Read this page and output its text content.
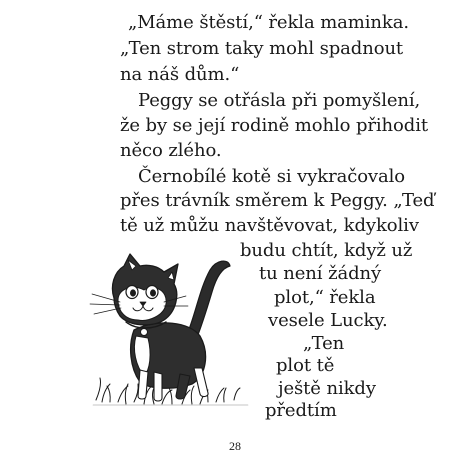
„Máme štěstí,“ řekla maminka.
„Ten strom taky mohl spadnout
na náš dům.“
Peggy se otřásla při pomyšlení,
že by se její rodině mohlo přihodit
něco zlého.
Černobílé kotě si vykračovalo
přes trávník směrem k Peggy. „Teď
tě už můžu navštěvovat, kdykoliv
budu chtít, když už
tu není žádný
plot,“ řekla
vesele Lucky.
„Ten
plot tě
ještě nikdy
předtím
28
